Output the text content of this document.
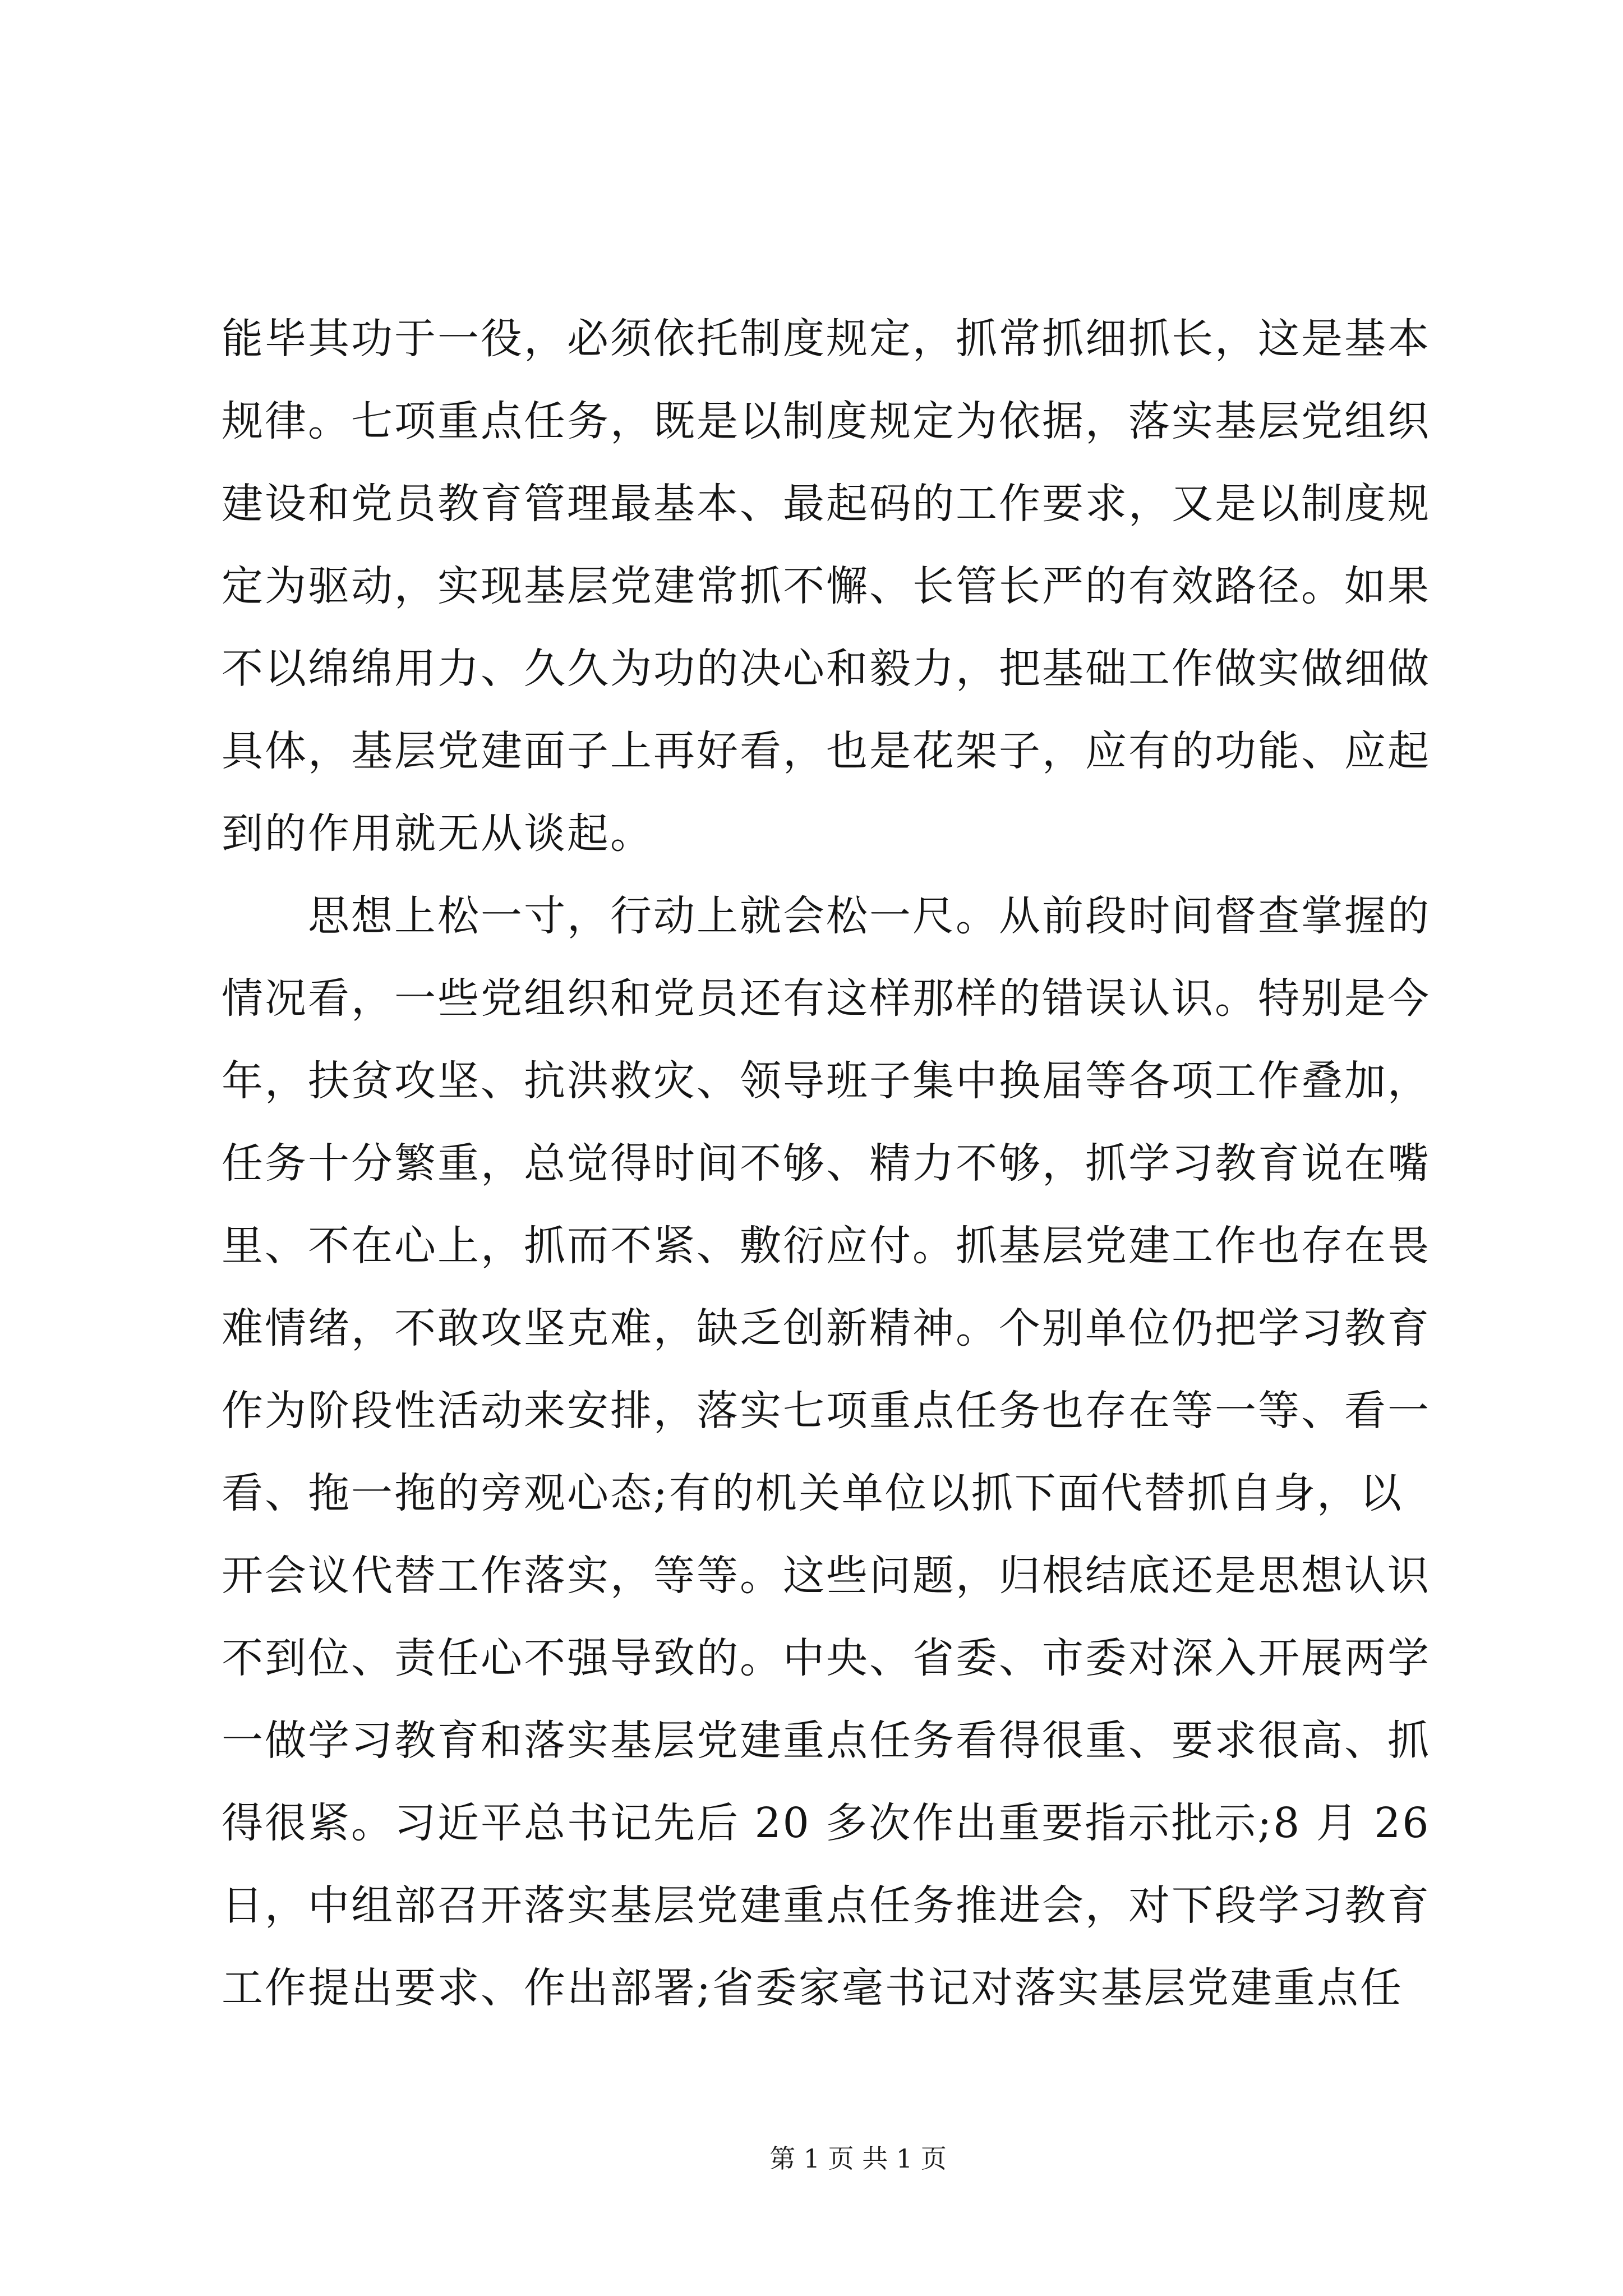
能毕其功于一役，必须依托制度规定，抓常抓细抓长，这是基本
规律。七项重点任务，既是以制度规定为依据，落实基层党组织
建设和党员教育管理最基本、最起码的工作要求，又是以制度规
定为驱动，实现基层党建常抓不懈、长管长严的有效路径。如果
不以绵绵用力、久久为功的决心和毅力，把基础工作做实做细做
具体，基层党建面子上再好看，也是花架子，应有的功能、应起
到的作用就无从谈起。
思想上松一寸，行动上就会松一尺。从前段时间督查掌握的
情况看，一些党组织和党员还有这样那样的错误认识。特别是今
年，扶贫攻坚、抗洪救灾、领导班子集中换届等各项工作叠加，
任务十分繁重，总觉得时间不够、精力不够，抓学习教育说在嘴
里、不在心上，抓而不紧、敷衍应付。抓基层党建工作也存在畏
难情绪，不敢攻坚克难，缺乏创新精神。个别单位仍把学习教育
作为阶段性活动来安排，落实七项重点任务也存在等一等、看一
看、拖一拖的旁观心态;有的机关单位以抓下面代替抓自身，以
开会议代替工作落实，等等。这些问题，归根结底还是思想认识
不到位、责任心不强导致的。中央、省委、市委对深入开展两学
一做学习教育和落实基层党建重点任务看得很重、要求很高、抓
得很紧。习近平总书记先后 20 多次作出重要指示批示;8 月 26
日，中组部召开落实基层党建重点任务推进会，对下段学习教育
工作提出要求、作出部署;省委家毫书记对落实基层党建重点任
第 1 页 共 1 页
